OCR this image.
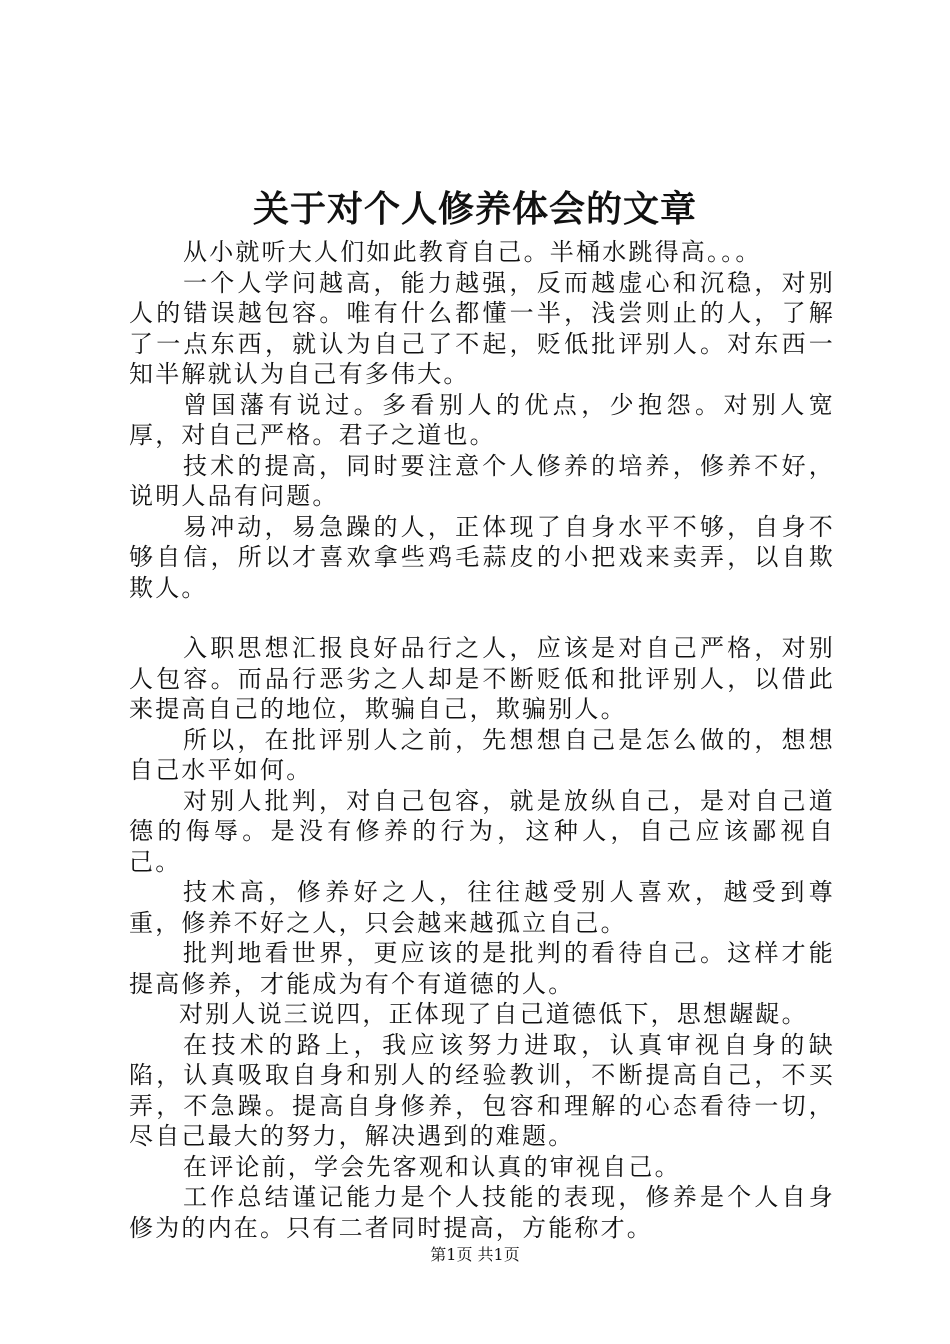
关于对个人修养体会的文章

从小就听大人们如此教育自己。半桶水跳得高。。。

一个人学问越高，能力越强，反而越虚心和沉稳，对别人的错误越包容。唯有什么都懂一半，浅尝则止的人，了解了一点东西，就认为自己了不起，贬低批评别人。对东西一知半解就认为自己有多伟大。

曾国藩有说过。多看别人的优点，少抱怨。对别人宽厚，对自己严格。君子之道也。

技术的提高，同时要注意个人修养的培养，修养不好，说明人品有问题。

易冲动，易急躁的人，正体现了自身水平不够，自身不够自信，所以才喜欢拿些鸡毛蒜皮的小把戏来卖弄，以自欺欺人。

入职思想汇报良好品行之人，应该是对自己严格，对别人包容。而品行恶劣之人却是不断贬低和批评别人，以借此来提高自己的地位，欺骗自己，欺骗别人。

所以，在批评别人之前，先想想自己是怎么做的，想想自己水平如何。

对别人批判，对自己包容，就是放纵自己，是对自己道德的侮辱。是没有修养的行为，这种人，自己应该鄙视自己。

技术高，修养好之人，往往越受别人喜欢，越受到尊重，修养不好之人，只会越来越孤立自己。

批判地看世界，更应该的是批判的看待自己。这样才能提高修养，才能成为有个有道德的人。

对别人说三说四，正体现了自己道德低下，思想龌龊。

在技术的路上，我应该努力进取，认真审视自身的缺陷，认真吸取自身和别人的经验教训，不断提高自己，不买弄，不急躁。提高自身修养，包容和理解的心态看待一切，尽自己最大的努力，解决遇到的难题。

在评论前，学会先客观和认真的审视自己。

工作总结谨记能力是个人技能的表现，修养是个人自身修为的内在。只有二者同时提高，方能称才。

第1页 共1页
